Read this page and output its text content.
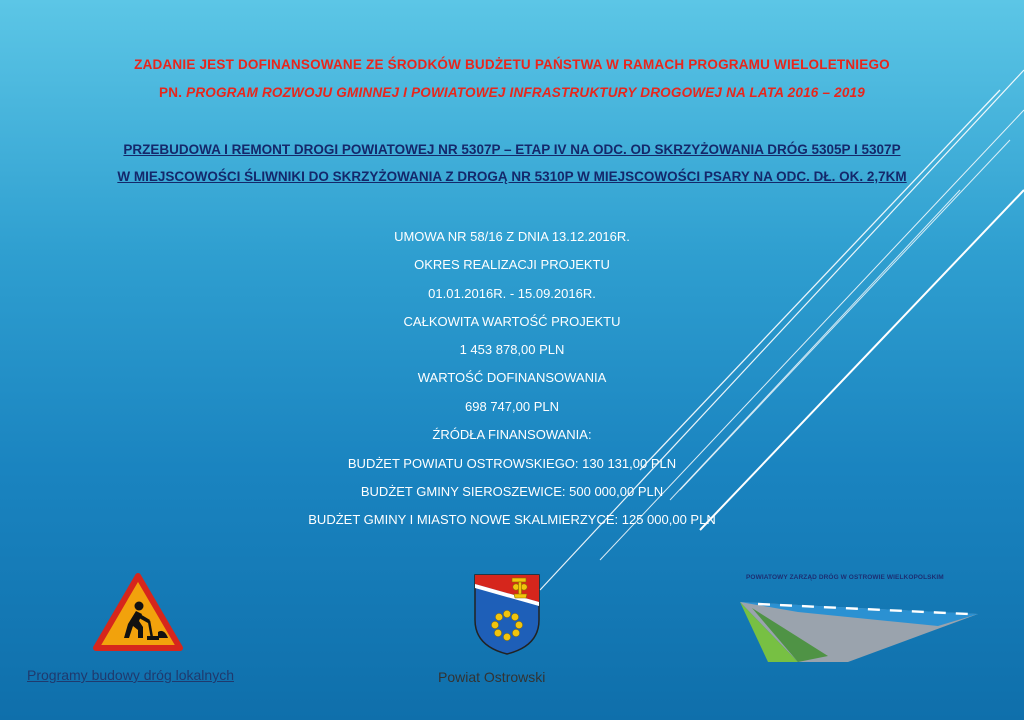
ZADANIE JEST DOFINANSOWANE ZE ŚRODKÓW BUDŻETU PAŃSTWA W RAMACH PROGRAMU WIELOLETNIEGO
PN. PROGRAM ROZWOJU GMINNEJ I POWIATOWEJ INFRASTRUKTURY DROGOWEJ NA LATA 2016 – 2019
PRZEBUDOWA I REMONT DROGI POWIATOWEJ NR 5307P – ETAP IV NA ODC. OD SKRZYŻOWANIA DRÓG 5305P I 5307P
W MIEJSCOWOŚCI ŚLIWNIKI DO SKRZYŻOWANIA Z DROGĄ NR 5310P W MIEJSCOWOŚCI PSARY NA ODC. DŁ. OK. 2,7KM
UMOWA NR 58/16 Z DNIA 13.12.2016R.
OKRES REALIZACJI PROJEKTU
01.01.2016R. - 15.09.2016R.
CAŁKOWITA WARTOŚĆ PROJEKTU
1 453 878,00 PLN
WARTOŚĆ DOFINANSOWANIA
698 747,00 PLN
ŹRÓDŁA FINANSOWANIA:
BUDŻET POWIATU OSTROWSKIEGO: 130 131,00 PLN
BUDŻET GMINY SIEROSZEWICE: 500 000,00 PLN
BUDŻET GMINY I MIASTO NOWE SKALMIERZYCE: 125 000,00 PLN
Programy budowy dróg lokalnych	Powiat Ostrowski
POWIATOWY ZARZĄD DRÓG W OSTROWIE WIELKOPOLSKIM
